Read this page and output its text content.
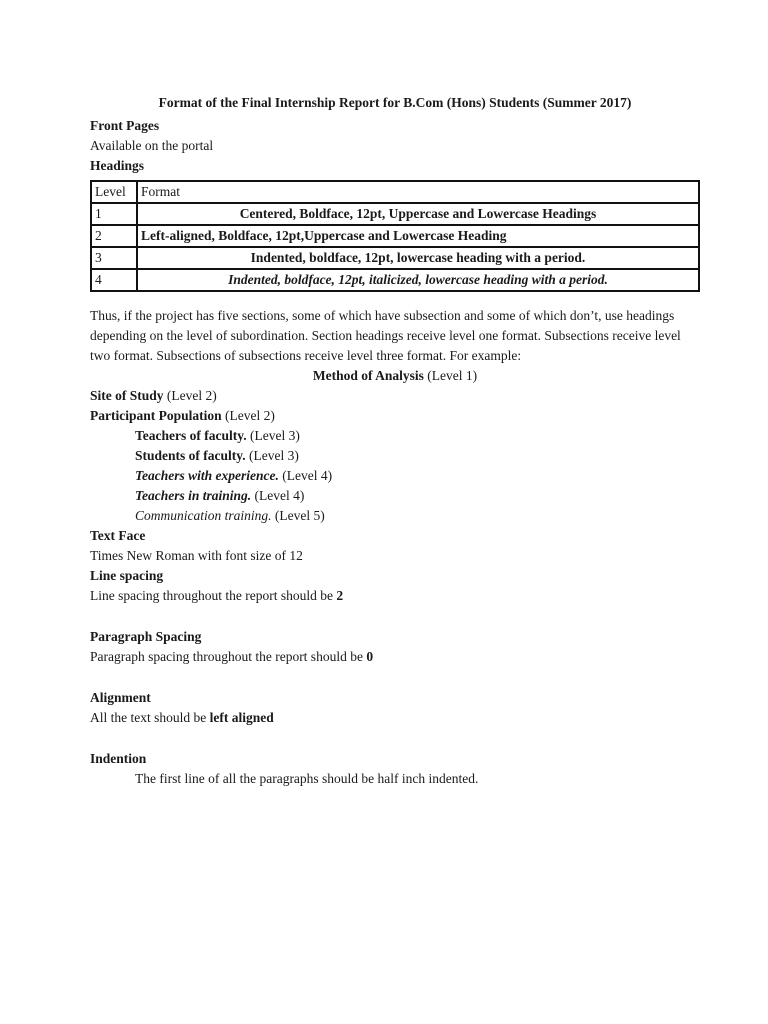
Format of the Final Internship Report for B.Com (Hons) Students (Summer 2017)

Front Pages

Available on the portal

Headings

Level	Format
1	Centered, Boldface, 12pt, Uppercase and Lowercase Headings
2	Left-aligned, Boldface, 12pt,Uppercase and Lowercase Heading
3	Indented, boldface, 12pt, lowercase heading with a period.
4	Indented, boldface, 12pt, italicized, lowercase heading with a period.

Thus, if the project has five sections, some of which have subsection and some of which don’t, use headings depending on the level of subordination. Section headings receive level one format. Subsections receive level two format. Subsections of subsections receive level three format. For example:

Method of Analysis (Level 1)

Site of Study (Level 2)

Participant Population (Level 2)

Teachers of faculty. (Level 3)

Students of faculty. (Level 3)

Teachers with experience. (Level 4)

Teachers in training. (Level 4)

Communication training. (Level 5)

Text Face

Times New Roman with font size of 12

Line spacing

Line spacing throughout the report should be 2

Paragraph Spacing

Paragraph spacing throughout the report should be 0

Alignment

All the text should be left aligned

Indention

The first line of all the paragraphs should be half inch indented.
